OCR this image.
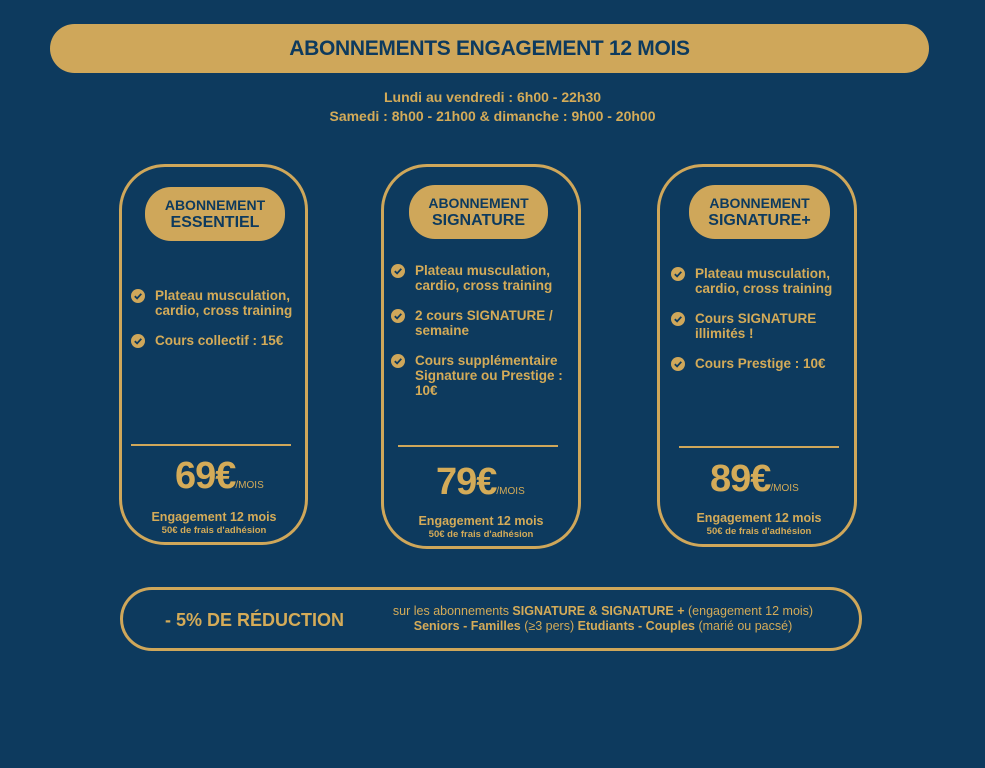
ABONNEMENTS ENGAGEMENT 12 MOIS
Lundi au vendredi : 6h00 - 22h30
Samedi : 8h00 - 21h00 & dimanche : 9h00 - 20h00
ABONNEMENT
ESSENTIEL
Plateau musculation, cardio, cross training
Cours collectif : 15€
69€/MOIS
Engagement 12 mois
50€ de frais d'adhésion
ABONNEMENT
SIGNATURE
Plateau musculation, cardio, cross training
2 cours SIGNATURE / semaine
Cours supplémentaire Signature ou Prestige : 10€
79€/MOIS
Engagement 12 mois
50€ de frais d'adhésion
ABONNEMENT
SIGNATURE+
Plateau musculation, cardio, cross training
Cours SIGNATURE illimités !
Cours Prestige : 10€
89€/MOIS
Engagement 12 mois
50€ de frais d'adhésion
- 5% DE RÉDUCTION	sur les abonnements SIGNATURE & SIGNATURE + (engagement 12 mois)
Seniors - Familles (≥3 pers) Etudiants - Couples (marié ou pacsé)
